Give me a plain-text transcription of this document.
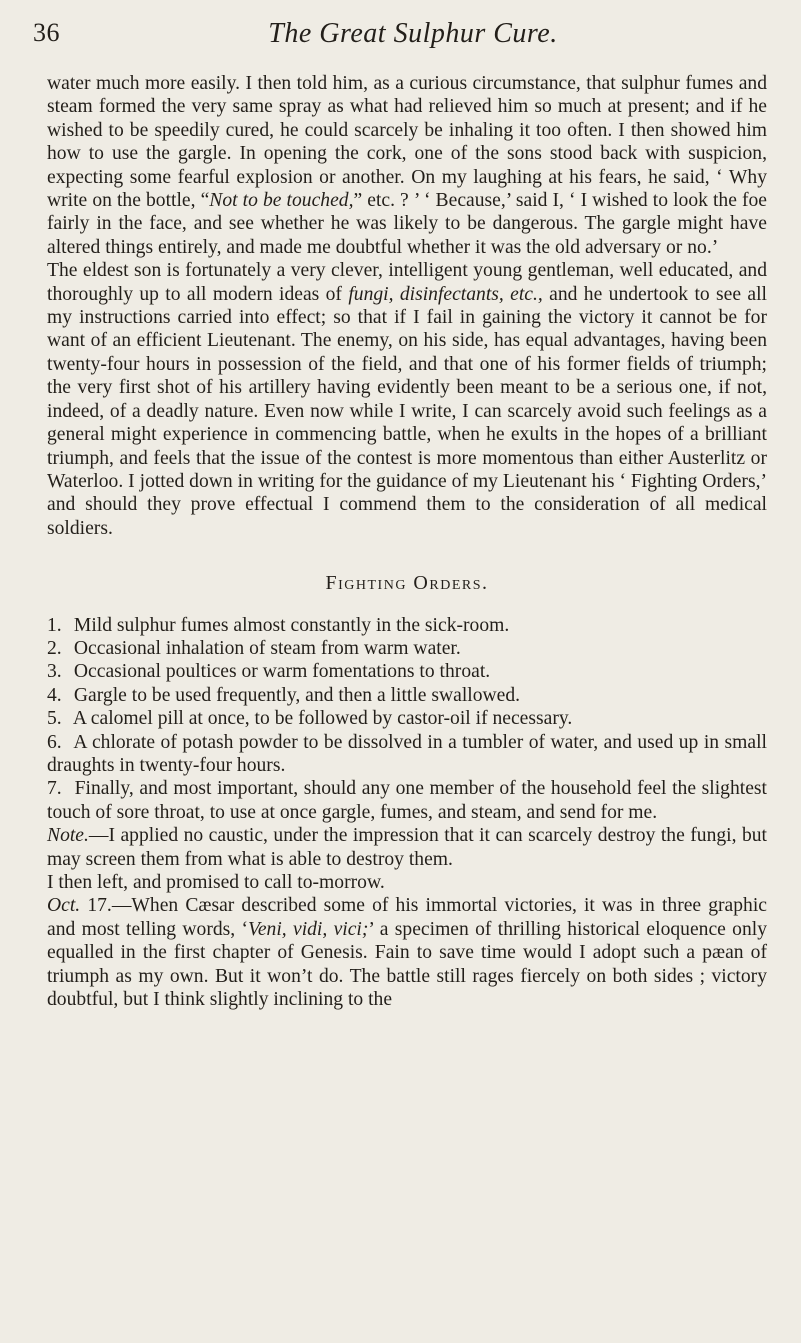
36	The Great Sulphur Cure.

water much more easily. I then told him, as a curious circumstance, that sulphur fumes and steam formed the very same spray as what had relieved him so much at present; and if he wished to be speedily cured, he could scarcely be inhaling it too often. I then showed him how to use the gargle. In opening the cork, one of the sons stood back with suspicion, expecting some fearful explosion or another. On my laughing at his fears, he said, ‘ Why write on the bottle, “Not to be touched,” etc. ? ’ ‘ Because,’ said I, ‘ I wished to look the foe fairly in the face, and see whether he was likely to be dangerous. The gargle might have altered things entirely, and made me doubtful whether it was the old adversary or no.’

The eldest son is fortunately a very clever, intelligent young gentleman, well educated, and thoroughly up to all modern ideas of fungi, disinfectants, etc., and he undertook to see all my instructions carried into effect; so that if I fail in gaining the victory it cannot be for want of an efficient Lieutenant. The enemy, on his side, has equal advantages, having been twenty-four hours in possession of the field, and that one of his former fields of triumph; the very first shot of his artillery having evidently been meant to be a serious one, if not, indeed, of a deadly nature. Even now while I write, I can scarcely avoid such feelings as a general might experience in commencing battle, when he exults in the hopes of a brilliant triumph, and feels that the issue of the contest is more momentous than either Austerlitz or Waterloo. I jotted down in writing for the guidance of my Lieutenant his ‘ Fighting Orders,’ and should they prove effectual I commend them to the consideration of all medical soldiers.

Fighting Orders.
1. Mild sulphur fumes almost constantly in the sick-room.
2. Occasional inhalation of steam from warm water.
3. Occasional poultices or warm fomentations to throat.
4. Gargle to be used frequently, and then a little swallowed.
5. A calomel pill at once, to be followed by castor-oil if necessary.
6. A chlorate of potash powder to be dissolved in a tumbler of water, and used up in small draughts in twenty-four hours.
7. Finally, and most important, should any one member of the household feel the slightest touch of sore throat, to use at once gargle, fumes, and steam, and send for me.

Note.—I applied no caustic, under the impression that it can scarcely destroy the fungi, but may screen them from what is able to destroy them.

I then left, and promised to call to-morrow.

Oct. 17.—When Cæsar described some of his immortal victories, it was in three graphic and most telling words, ‘Veni, vidi, vici;’ a specimen of thrilling historical eloquence only equalled in the first chapter of Genesis. Fain to save time would I adopt such a pæan of triumph as my own. But it won’t do. The battle still rages fiercely on both sides ; victory doubtful, but I think slightly inclining to the
